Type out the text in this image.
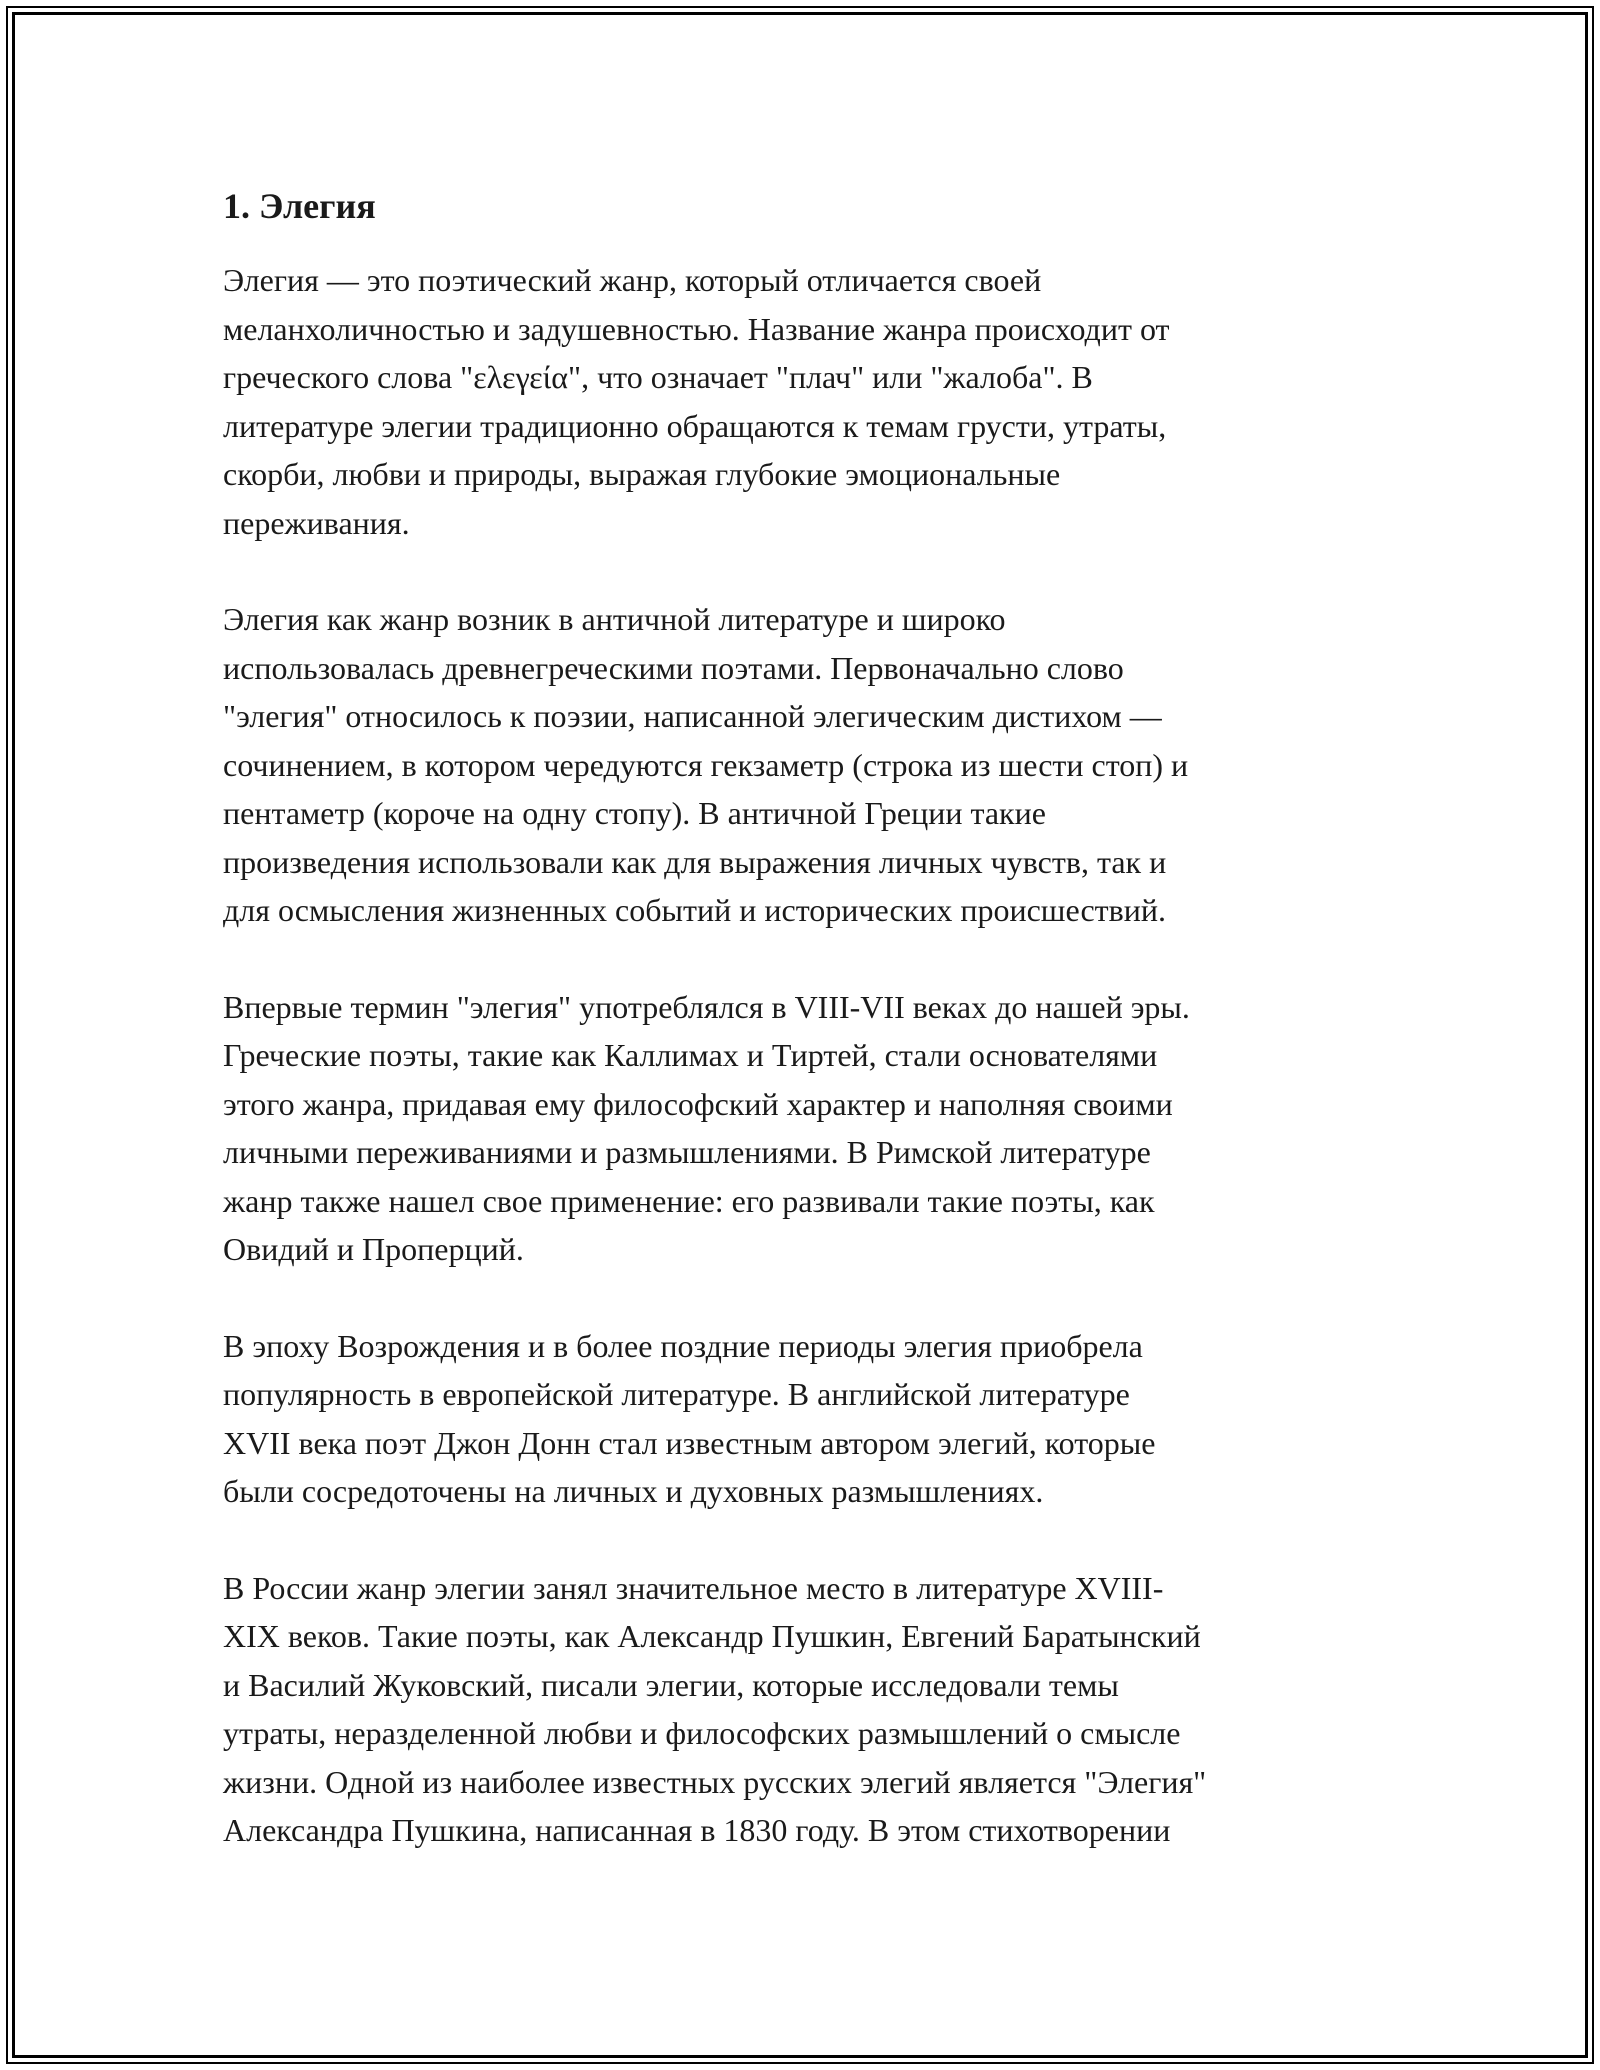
1. Элегия

Элегия — это поэтический жанр, который отличается своей
меланхоличностью и задушевностью. Название жанра происходит от
греческого слова "ελεγεία", что означает "плач" или "жалоба". В
литературе элегии традиционно обращаются к темам грусти, утраты,
скорби, любви и природы, выражая глубокие эмоциональные
переживания.

Элегия как жанр возник в античной литературе и широко
использовалась древнегреческими поэтами. Первоначально слово
"элегия" относилось к поэзии, написанной элегическим дистихом —
сочинением, в котором чередуются гекзаметр (строка из шести стоп) и
пентаметр (короче на одну стопу). В античной Греции такие
произведения использовали как для выражения личных чувств, так и
для осмысления жизненных событий и исторических происшествий.

Впервые термин "элегия" употреблялся в VIII-VII веках до нашей эры.
Греческие поэты, такие как Каллимах и Тиртей, стали основателями
этого жанра, придавая ему философский характер и наполняя своими
личными переживаниями и размышлениями. В Римской литературе
жанр также нашел свое применение: его развивали такие поэты, как
Овидий и Проперций.

В эпоху Возрождения и в более поздние периоды элегия приобрела
популярность в европейской литературе. В английской литературе
XVII века поэт Джон Донн стал известным автором элегий, которые
были сосредоточены на личных и духовных размышлениях.

В России жанр элегии занял значительное место в литературе XVIII-
XIX веков. Такие поэты, как Александр Пушкин, Евгений Баратынский
и Василий Жуковский, писали элегии, которые исследовали темы
утраты, неразделенной любви и философских размышлений о смысле
жизни. Одной из наиболее известных русских элегий является "Элегия"
Александра Пушкина, написанная в 1830 году. В этом стихотворении
